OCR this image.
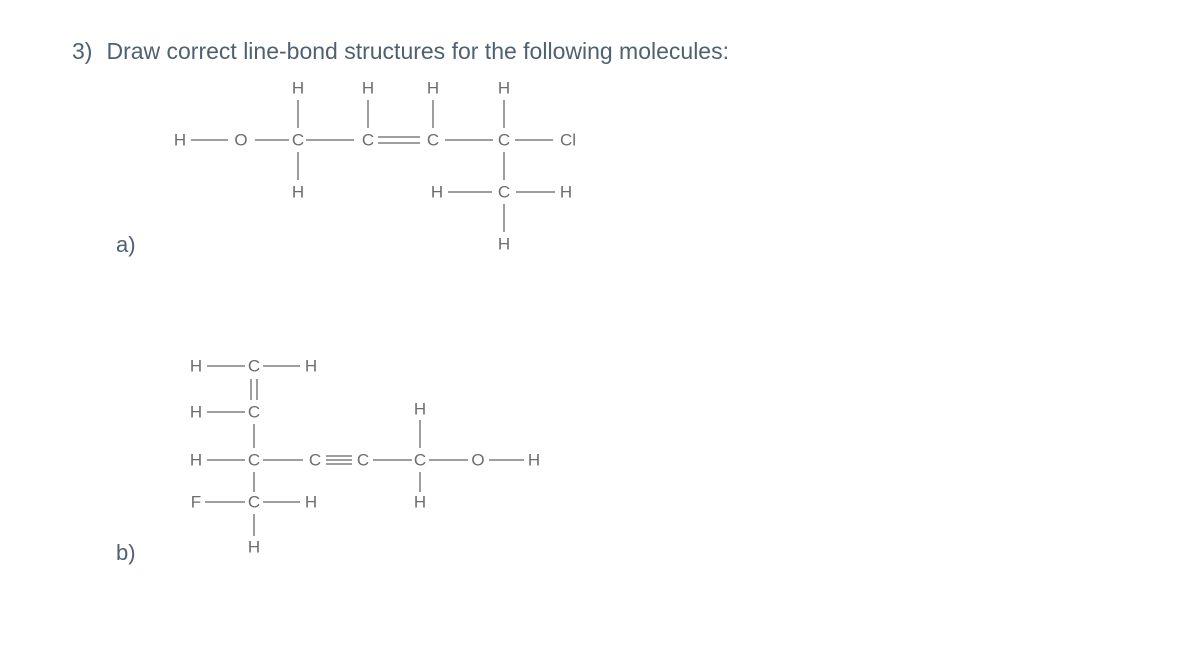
3) Draw correct line-bond structures for the following molecules:
a)
b)
H	H	H	H
H	O	C	C	C	C	Cl
H	H	C	H
H
H	C	H
H	C	H
H	C	C C	C	O	H
F	C	H	H
H
